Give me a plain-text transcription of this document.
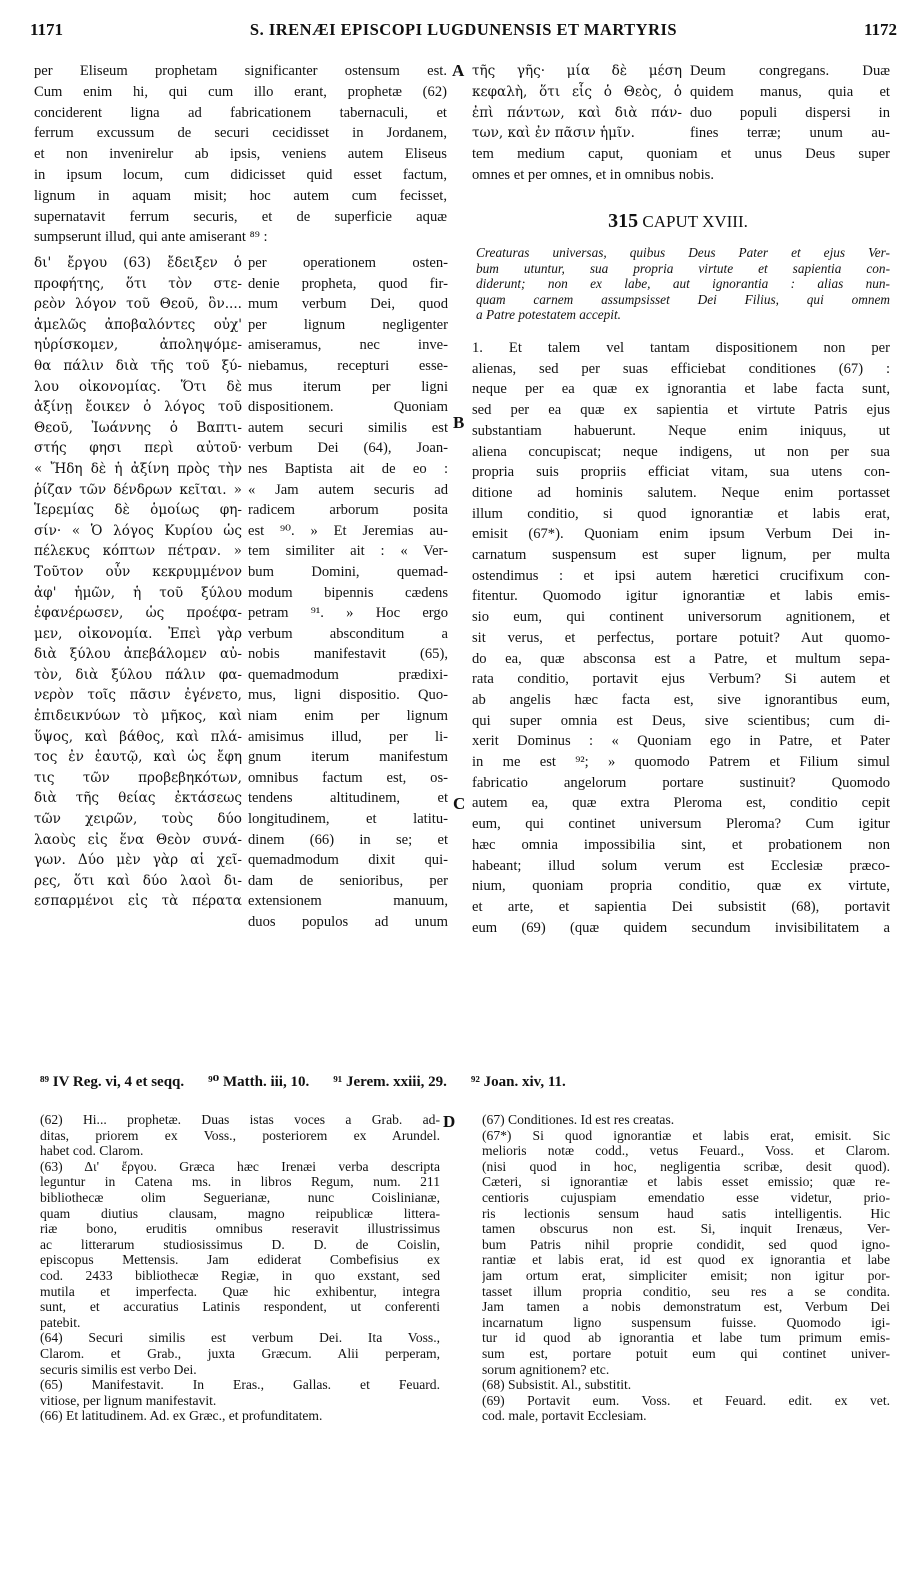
1171	S. IRENÆI EPISCOPI LUGDUNENSIS ET MARTYRIS	1172
per Eliseum prophetam significanter ostensum est.
Cum enim hi, qui cum illo erant, prophetæ (62)
conciderent ligna ad fabricationem tabernaculi, et
ferrum excussum de securi cecidisset in Jordanem,
et non invenirelur ab ipsis, veniens autem Eliseus
in ipsum locum, cum didicisset quid esset factum,
lignum in aquam misit; hoc autem cum fecisset,
supernatavit ferrum securis, et de superficie aquæ
sumpserunt illud, qui ante amiserant ⁸⁹ :
δι' ἔργου (63) ἔδειξεν ὁ
προφήτης, ὅτι τὸν στε-
ρεὸν λόγον τοῦ Θεοῦ, ὃν....
ἀμελῶς ἀποβαλόντες οὐχ'
ηὑρίσκομεν, ἀποληψόμε-
θα πάλιν διὰ τῆς τοῦ ξύ-
λου οἰκονομίας. Ὅτι δὲ
ἀξίνῃ ἔοικεν ὁ λόγος τοῦ
Θεοῦ, Ἰωάννης ὁ Βαπτι-
στής φησι περὶ αὐτοῦ·
« Ἤδη δὲ ἡ ἀξίνη πρὸς τὴν
ῥίζαν τῶν δένδρων κεῖται. »
Ἱερεμίας δὲ ὁμοίως φη-
σίν· « Ὁ λόγος Κυρίου ὡς
πέλεκυς κόπτων πέτραν. »
Τοῦτον οὖν κεκρυμμένον
ἀφ' ἡμῶν, ἡ τοῦ ξύλου
ἐφανέρωσεν, ὡς προέφα-
μεν, οἰκονομία. Ἐπεὶ γὰρ
διὰ ξύλου ἀπεβάλομεν αὐ-
τὸν, διὰ ξύλου πάλιν φα-
νερὸν τοῖς πᾶσιν ἐγένετο,
ἐπιδεικνύων τὸ μῆκος, καὶ
ὕψος, καὶ βάθος, καὶ πλά-
τος ἐν ἑαυτῷ, καὶ ὡς ἔφη
τις τῶν προβεβηκότων,
διὰ τῆς θείας ἐκτάσεως
τῶν χειρῶν, τοὺς δύο
λαοὺς εἰς ἕνα Θεὸν συνά-
γων. Δύο μὲν γὰρ αἱ χεῖ-
ρες, ὅτι καὶ δύο λαοὶ δι-
εσπαρμένοι εἰς τὰ πέρατα
per operationem osten-
denie propheta, quod fir-
mum verbum Dei, quod
per lignum negligenter
amiseramus, nec inve-
niebamus, recepturi esse-
mus iterum per ligni
dispositionem. Quoniam
autem securi similis est
verbum Dei (64), Joan-
nes Baptista ait de eo :
« Jam autem securis ad
radicem arborum posita
est ⁹⁰. » Et Jeremias au-
tem similiter ait : « Ver-
bum Domini, quemad-
modum bipennis cædens
petram ⁹¹. » Hoc ergo
verbum absconditum a
nobis manifestavit (65),
quemadmodum prædixi-
mus, ligni dispositio. Quo-
niam enim per lignum
amisimus illud, per li-
gnum iterum manifestum
omnibus factum est, os-
tendens altitudinem, et
longitudinem, et latitu-
dinem (66) in se; et
quemadmodum dixit qui-
dam de senioribus, per
extensionem manuum,
duos populos ad unum
A
B
C
D
τῆς γῆς· μία δὲ μέση
κεφαλὴ, ὅτι εἷς ὁ Θεὸς, ὁ
ἐπὶ πάντων, καὶ διὰ πάν-
των, καὶ ἐν πᾶσιν ἡμῖν.
Deum congregans. Duæ
quidem manus, quia et
duo populi dispersi in
fines terræ; unum au-
tem medium caput, quoniam et unus Deus super
omnes et per omnes, et in omnibus nobis.
315 CAPUT XVIII.
Creaturas universas, quibus Deus Pater et ejus Ver-
bum utuntur, sua propria virtute et sapientia con-
diderunt; non ex labe, aut ignorantia : alias nun-
quam carnem assumpsisset Dei Filius, qui omnem
a Patre potestatem accepit.
1. Et talem vel tantam dispositionem non per
alienas, sed per suas efficiebat conditiones (67) :
neque per ea quæ ex ignorantia et labe facta sunt,
sed per ea quæ ex sapientia et virtute Patris ejus
substantiam habuerunt. Neque enim iniquus, ut
aliena concupiscat; neque indigens, ut non per sua
propria suis propriis efficiat vitam, sua utens con-
ditione ad hominis salutem. Neque enim portasset
illum conditio, si quod ignorantiæ et labis erat,
emisit (67*). Quoniam enim ipsum Verbum Dei in-
carnatum suspensum est super lignum, per multa
ostendimus : et ipsi autem hæretici crucifixum con-
fitentur. Quomodo igitur ignorantiæ et labis emis-
sio eum, qui continent universorum agnitionem, et
sit verus, et perfectus, portare potuit? Aut quomo-
do ea, quæ absconsa est a Patre, et multum sepa-
rata conditio, portavit ejus Verbum? Si autem et
ab angelis hæc facta est, sive ignorantibus eum,
qui super omnia est Deus, sive scientibus; cum di-
xerit Dominus : « Quoniam ego in Patre, et Pater
in me est ⁹²; » quomodo Patrem et Filium simul
fabricatio angelorum portare sustinuit? Quomodo
autem ea, quæ extra Pleroma est, conditio cepit
eum, qui continet universum Pleroma? Cum igitur
hæc omnia impossibilia sint, et probationem non
habeant; illud solum verum est Ecclesiæ præco-
nium, quoniam propria conditio, quæ ex virtute,
et arte, et sapientia Dei subsistit (68), portavit
eum (69) (quæ quidem secundum invisibilitatem a
⁸⁹ IV Reg. vi, 4 et seqq. ⁹⁰ Matth. iii, 10. ⁹¹ Jerem. xxiii, 29. ⁹² Joan. xiv, 11.
(62) Hi... prophetæ. Duas istas voces a Grab. ad-
ditas, priorem ex Voss., posteriorem ex Arundel.
habet cod. Clarom.
(63) Δι' ἔργου. Græca hæc Irenæi verba descripta
leguntur in Catena ms. in libros Regum, num. 211
bibliothecæ olim Seguerianæ, nunc Coislinianæ,
quam diutius clausam, magno reipublicæ littera-
riæ bono, eruditis omnibus reseravit illustrissimus
ac litterarum studiosissimus D. D. de Coislin,
episcopus Mettensis. Jam ediderat Combefisius ex
cod. 2433 bibliothecæ Regiæ, in quo exstant, sed
mutila et imperfecta. Quæ hic exhibentur, integra
sunt, et accuratius Latinis respondent, ut conferenti
patebit.
(64) Securi similis est verbum Dei. Ita Voss.,
Clarom. et Grab., juxta Græcum. Alii perperam,
securis similis est verbo Dei.
(65) Manifestavit. In Eras., Gallas. et Feuard.
vitiose, per lignum manifestavit.
(66) Et latitudinem. Ad. ex Græc., et profunditatem.
(67) Conditiones. Id est res creatas.
(67*) Si quod ignorantiæ et labis erat, emisit. Sic
melioris notæ codd., vetus Feuard., Voss. et Clarom.
(nisi quod in hoc, negligentia scribæ, desit quod).
Cæteri, si ignorantiæ et labis esset emissio; quæ re-
centioris cujuspiam emendatio esse videtur, prio-
ris lectionis sensum haud satis intelligentis. Hic
tamen obscurus non est. Si, inquit Irenæus, Ver-
bum Patris nihil proprie condidit, sed quod igno-
rantiæ et labis erat, id est quod ex ignorantia et labe
jam ortum erat, simpliciter emisit; non igitur por-
tasset illum propria conditio, seu res a se condita.
Jam tamen a nobis demonstratum est, Verbum Dei
incarnatum ligno suspensum fuisse. Quomodo igi-
tur id quod ab ignorantia et labe tum primum emis-
sum est, portare potuit eum qui continet univer-
sorum agnitionem? etc.
(68) Subsistit. Al., substitit.
(69) Portavit eum. Voss. et Feuard. edit. ex vet.
cod. male, portavit Ecclesiam.
